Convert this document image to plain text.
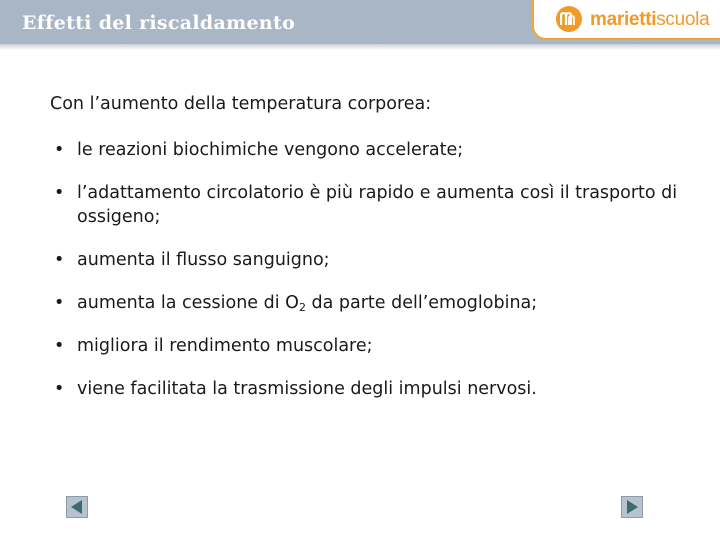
Effetti del riscaldamento	mariettiscuola

Con l’aumento della temperatura corporea:

• le reazioni biochimiche vengono accelerate;
• l’adattamento circolatorio è più rapido e aumenta così il trasporto di ossigeno;
• aumenta il flusso sanguigno;
• aumenta la cessione di $O_2$ da parte dell’emoglobina;
• migliora il rendimento muscolare;
• viene facilitata la trasmissione degli impulsi nervosi.
